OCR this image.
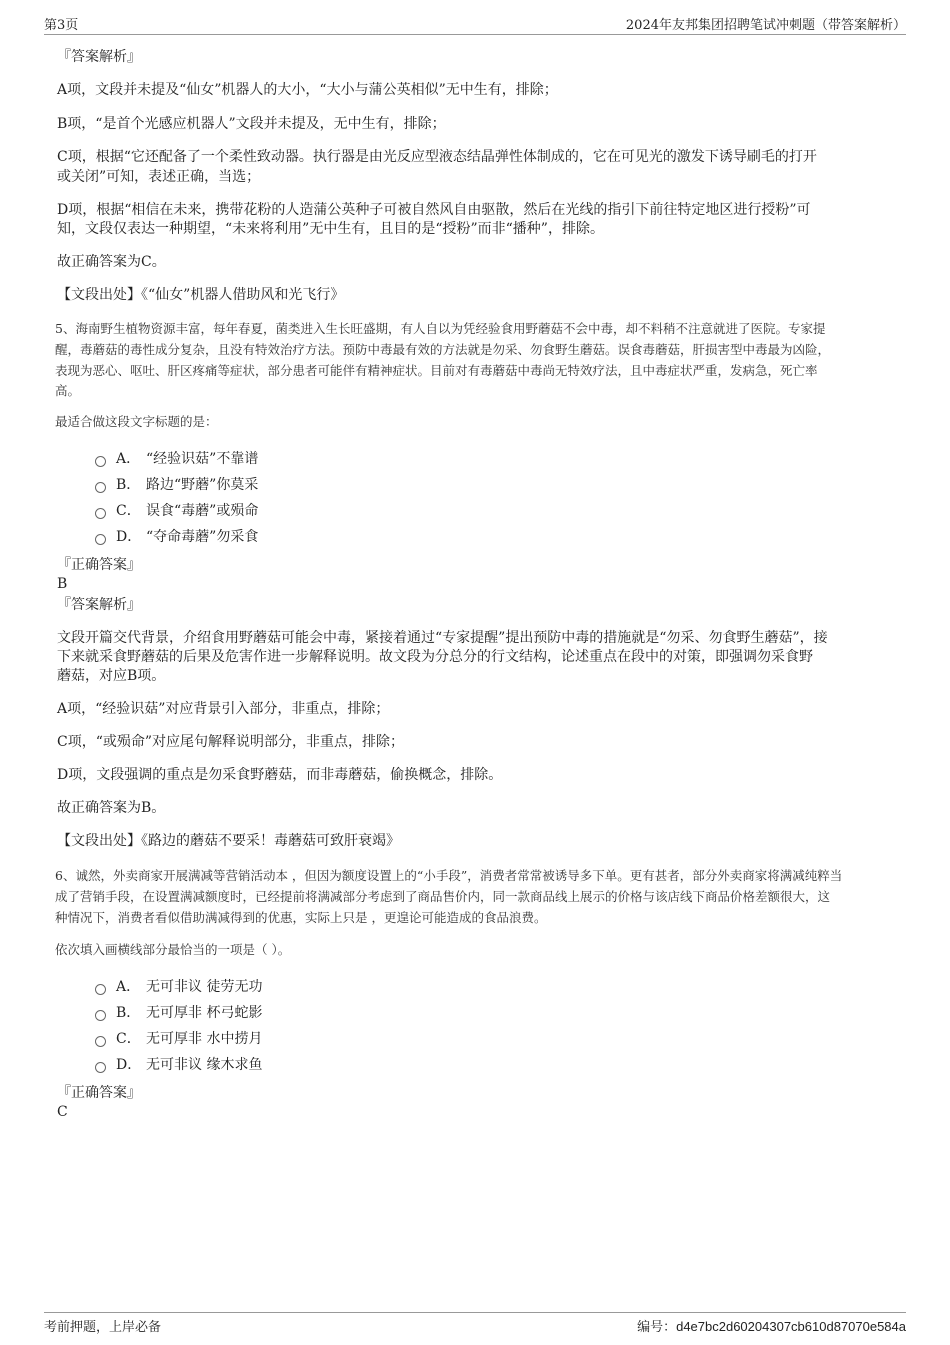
第3页	2024年友邦集团招聘笔试冲刺题（带答案解析）
『答案解析』
A项，文段并未提及“仙女”机器人的大小，“大小与蒲公英相似”无中生有，排除；
B项，“是首个光感应机器人”文段并未提及，无中生有，排除；
C项，根据“它还配备了一个柔性致动器。执行器是由光反应型液态结晶弹性体制成的，它在可见光的激发下诱导刷毛的打开
或关闭”可知，表述正确，当选；
D项，根据“相信在未来，携带花粉的人造蒲公英种子可被自然风自由驱散，然后在光线的指引下前往特定地区进行授粉”可
知，文段仅表达一种期望，“未来将利用”无中生有，且目的是“授粉”而非“播种”，排除。
故正确答案为C。
【文段出处】《“仙女”机器人借助风和光飞行》
5、海南野生植物资源丰富，每年春夏，菌类进入生长旺盛期，有人自以为凭经验食用野蘑菇不会中毒，却不料稍不注意就进了医院。专家提
醒，毒蘑菇的毒性成分复杂，且没有特效治疗方法。预防中毒最有效的方法就是勿采、勿食野生蘑菇。误食毒蘑菇，肝损害型中毒最为凶险，
表现为恶心、呕吐、肝区疼痛等症状，部分患者可能伴有精神症状。目前对有毒蘑菇中毒尚无特效疗法，且中毒症状严重，发病急，死亡率
高。
最适合做这段文字标题的是：
A． “经验识菇”不靠谱
B． 路边“野蘑”你莫采
C． 误食“毒蘑”或殒命
D． “夺命毒蘑”勿采食
『正确答案』
B
『答案解析』
文段开篇交代背景，介绍食用野蘑菇可能会中毒，紧接着通过“专家提醒”提出预防中毒的措施就是“勿采、勿食野生蘑菇”，接
下来就采食野蘑菇的后果及危害作进一步解释说明。故文段为分总分的行文结构，论述重点在段中的对策，即强调勿采食野
蘑菇，对应B项。
A项，“经验识菇”对应背景引入部分，非重点，排除；
C项，“或殒命”对应尾句解释说明部分，非重点，排除；
D项，文段强调的重点是勿采食野蘑菇，而非毒蘑菇，偷换概念，排除。
故正确答案为B。
【文段出处】《路边的蘑菇不要采！毒蘑菇可致肝衰竭》
6、诚然，外卖商家开展满减等营销活动本 ，但因为额度设置上的“小手段”，消费者常常被诱导多下单。更有甚者，部分外卖商家将满减纯粹当
成了营销手段，在设置满减额度时，已经提前将满减部分考虑到了商品售价内，同一款商品线上展示的价格与该店线下商品价格差额很大，这
种情况下，消费者看似借助满减得到的优惠，实际上只是 ，更遑论可能造成的食品浪费。
依次填入画横线部分最恰当的一项是（ ）。
A． 无可非议 徒劳无功
B． 无可厚非 杯弓蛇影
C． 无可厚非 水中捞月
D． 无可非议 缘木求鱼
『正确答案』
C
考前押题，上岸必备	编号：d4e7bc2d60204307cb610d87070e584a
